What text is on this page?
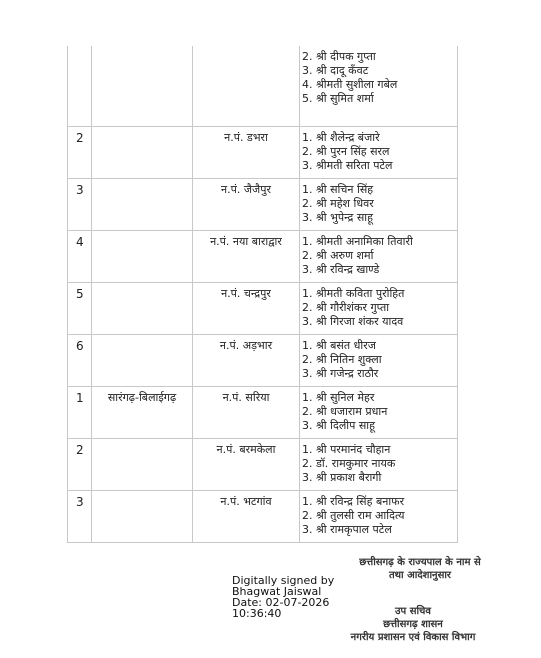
			2. श्री दीपक गुप्ता
3. श्री दादू कँवट
4. श्रीमती सुशीला गबेल
5. श्री सुमित शर्मा

2		न.पं. डभरा	1. श्री शैलेन्द्र बंजारे
2. श्री पुरन सिंह सरल
3. श्रीमती सरिता पटेल

3		न.पं. जैजैपुर	1. श्री सचिन सिंह
2. श्री महेश धिवर
3. श्री भुपेन्द्र साहू

4		न.पं. नया बाराद्वार	1. श्रीमती अनामिका तिवारी
2. श्री अरुण शर्मा
3. श्री रविन्द्र खाण्डे

5		न.पं. चन्द्रपुर	1. श्रीमती कविता पुरोहित
2. श्री गौरीशंकर गुप्ता
3. श्री गिरजा शंकर यादव

6		न.पं. अड़भार	1. श्री बसंत धीरज
2. श्री नितिन शुक्ला
3. श्री गजेन्द्र राठौर

1	सारंगढ़-बिलाईगढ़	न.पं. सरिया	1. श्री सुनिल मेहर
2. श्री धजाराम प्रधान
3. श्री दिलीप साहू

2		न.पं. बरमकेला	1. श्री परमानंद चौहान
2. डॉ. रामकुमार नायक
3. श्री प्रकाश बैरागी

3		न.पं. भटगांव	1. श्री रविन्द्र सिंह बनाफर
2. श्री तुलसी राम आदित्य
3. श्री रामकृपाल पटेल
छत्तीसगढ़ के राज्यपाल के नाम से
तथा आदेशानुसार
Digitally signed by
Bhagwat Jaiswal
Date: 02-07-2026
10:36:40	उप सचिव
छत्तीसगढ़ शासन
नगरीय प्रशासन एवं विकास विभाग
